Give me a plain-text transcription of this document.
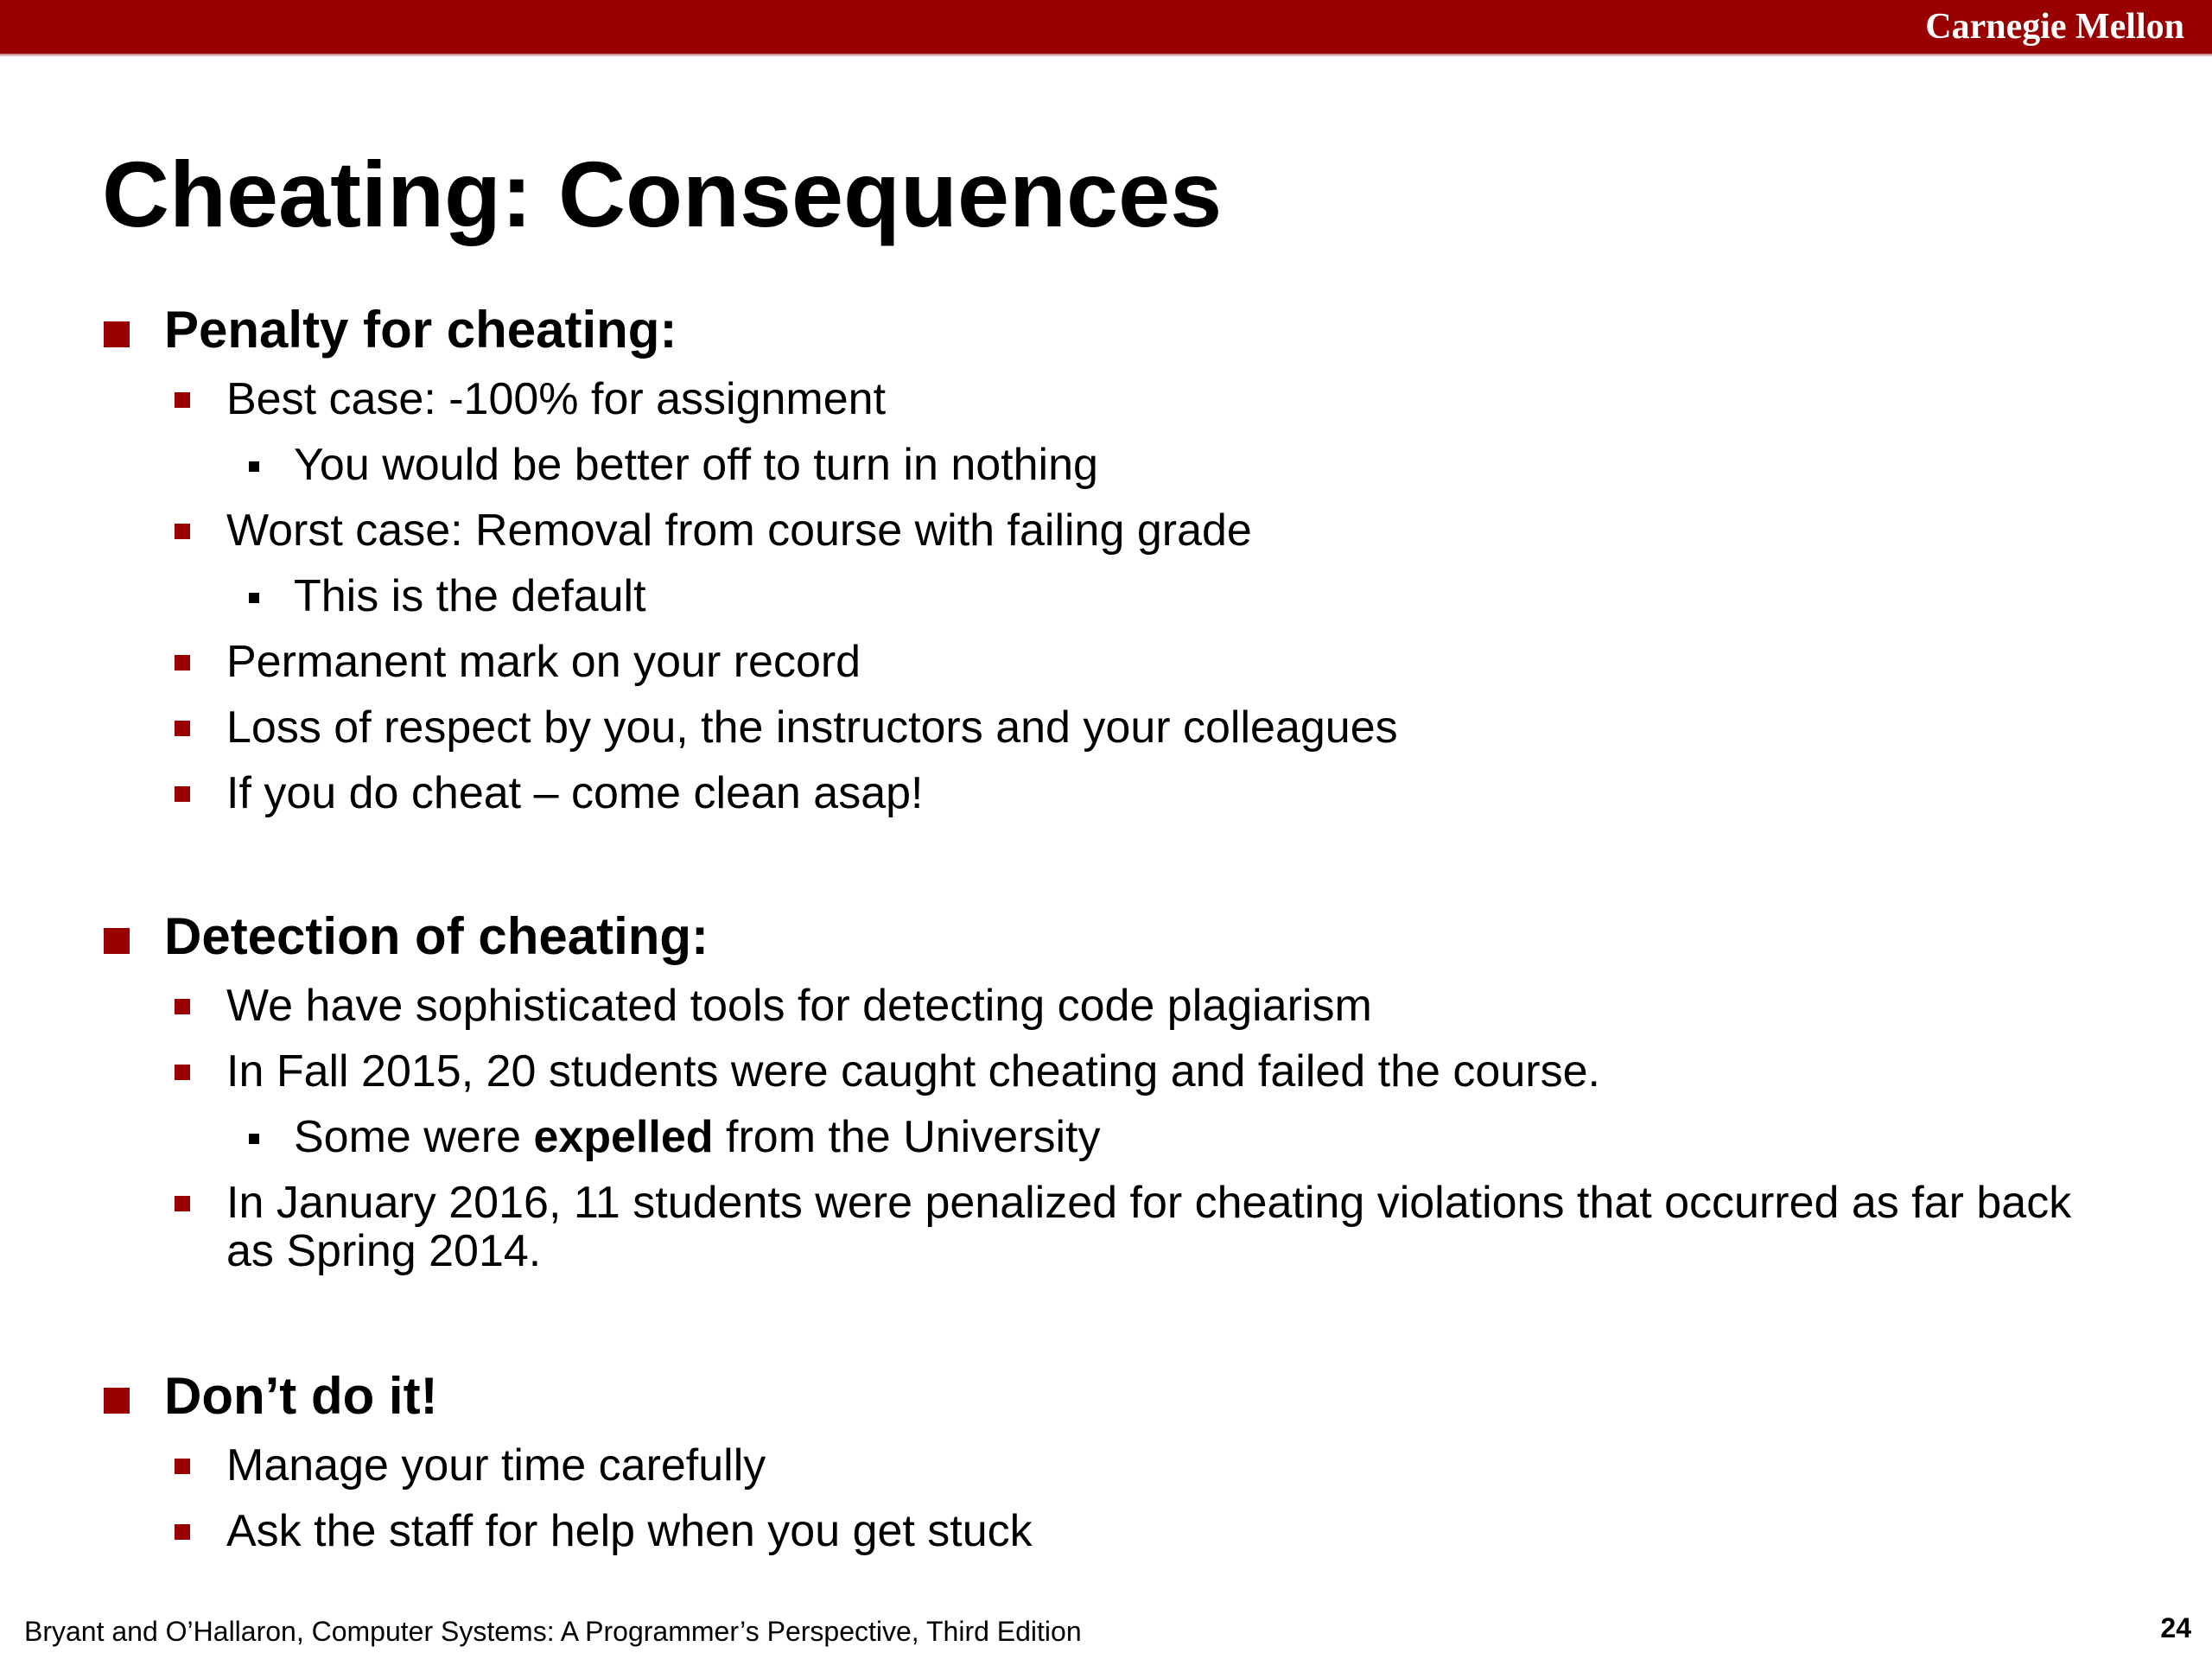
Carnegie Mellon
Cheating: Consequences
Penalty for cheating:
Best case: -100% for assignment
You would be better off to turn in nothing
Worst case: Removal from course with failing grade
This is the default
Permanent mark on your record
Loss of respect by you, the instructors and your colleagues
If you do cheat – come clean asap!
Detection of cheating:
We have sophisticated tools for detecting code plagiarism
In Fall 2015, 20 students were caught cheating and failed the course.
Some were expelled from the University
In January 2016, 11 students were penalized for cheating violations that occurred as far back as Spring 2014.
Don’t do it!
Manage your time carefully
Ask the staff for help when you get stuck
Bryant and O’Hallaron, Computer Systems: A Programmer’s Perspective, Third Edition	24
